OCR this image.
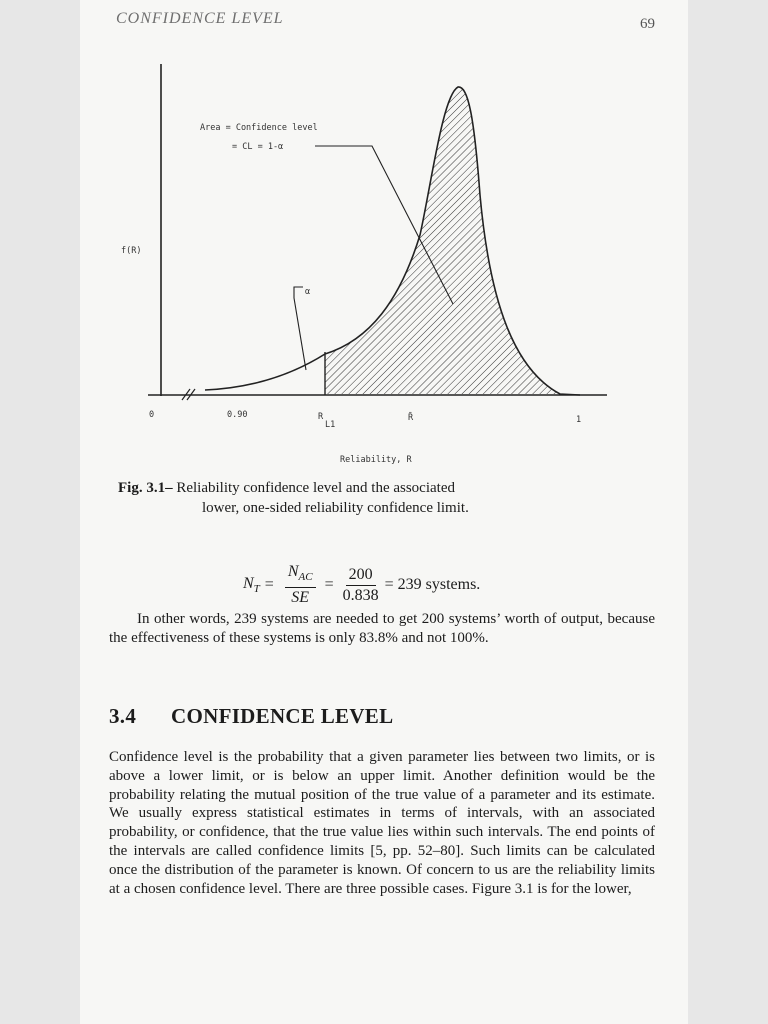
CONFIDENCE LEVEL	69
Area = Confidence level
= CL = 1-α
α
f(R)
0	0.90	R
L1
R̄	1
Reliability, R
Fig. 3.1– Reliability confidence level and the associated
lower, one-sided reliability confidence limit.
$N_T = \frac{N_{AC}}{SE} = \frac{200}{0.838} = 239$ systems.
In other words, 239 systems are needed to get 200 systems’ worth of output, because the effectiveness of these systems is only 83.8% and not 100%.
3.4 CONFIDENCE LEVEL
Confidence level is the probability that a given parameter lies between two limits, or is above a lower limit, or is below an upper limit. Another definition would be the probability relating the mutual position of the true value of a parameter and its estimate. We usually express statistical estimates in terms of intervals, with an associated probability, or confidence, that the true value lies within such intervals. The end points of the intervals are called confidence limits [5, pp. 52–80]. Such limits can be calculated once the distribution of the parameter is known. Of concern to us are the reliability limits at a chosen confidence level. There are three possible cases. Figure 3.1 is for the lower,
